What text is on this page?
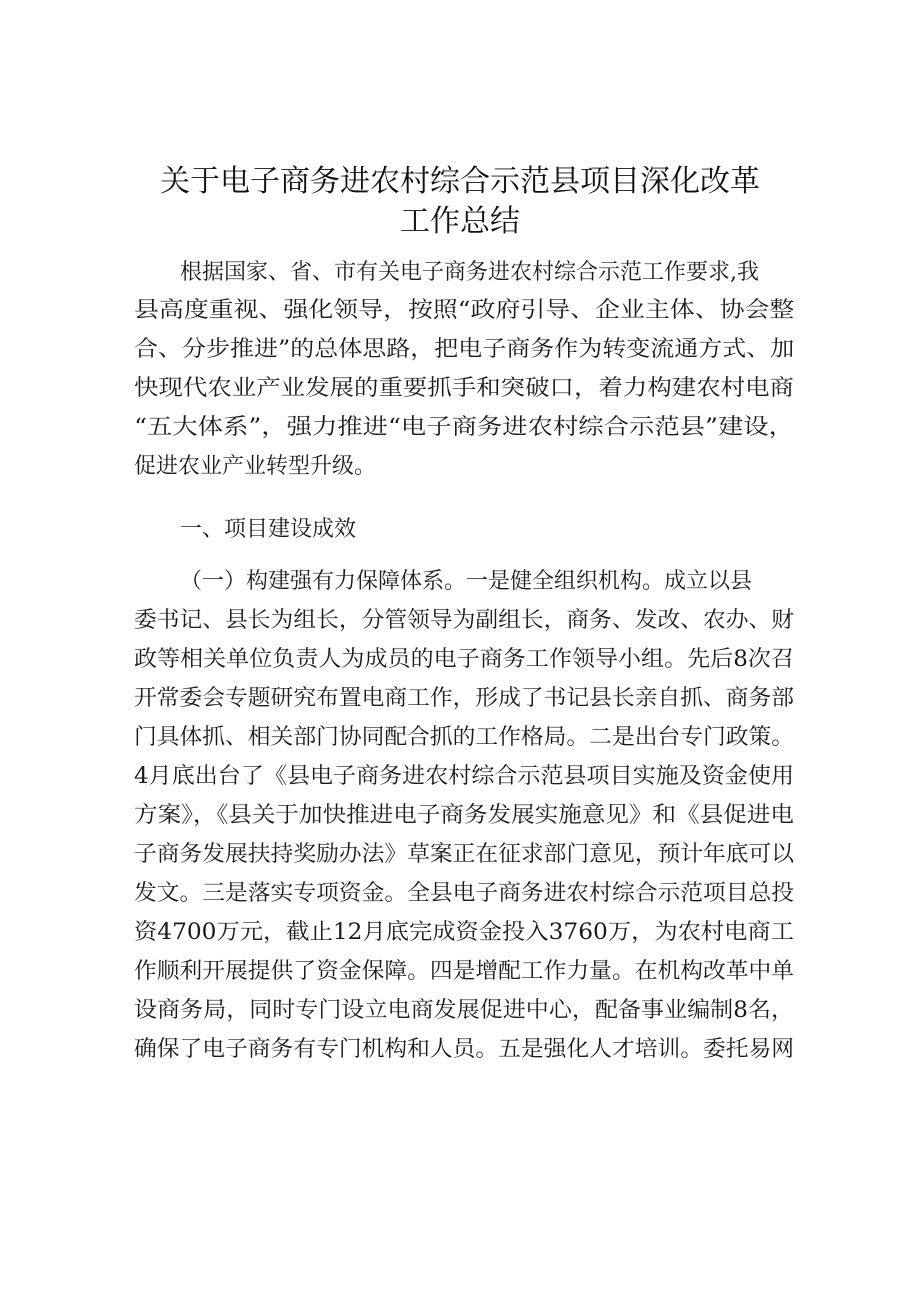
关于电子商务进农村综合示范县项目深化改革
工作总结
根据国家、省、市有关电子商务进农村综合示范工作要求,我
县高度重视、强化领导，按照“政府引导、企业主体、协会整
合、分步推进”的总体思路，把电子商务作为转变流通方式、加
快现代农业产业发展的重要抓手和突破口，着力构建农村电商
“五大体系”，强力推进“电子商务进农村综合示范县”建设，
促进农业产业转型升级。
一、项目建设成效
（一）构建强有力保障体系。一是健全组织机构。成立以县
委书记、县长为组长，分管领导为副组长，商务、发改、农办、财
政等相关单位负责人为成员的电子商务工作领导小组。先后8次召
开常委会专题研究布置电商工作，形成了书记县长亲自抓、商务部
门具体抓、相关部门协同配合抓的工作格局。二是出台专门政策。
4月底出台了《县电子商务进农村综合示范县项目实施及资金使用
方案》，《县关于加快推进电子商务发展实施意见》和《县促进电
子商务发展扶持奖励办法》草案正在征求部门意见，预计年底可以
发文。三是落实专项资金。全县电子商务进农村综合示范项目总投
资4700万元，截止12月底完成资金投入3760万，为农村电商工
作顺利开展提供了资金保障。四是增配工作力量。在机构改革中单
设商务局，同时专门设立电商发展促进中心，配备事业编制8名，
确保了电子商务有专门机构和人员。五是强化人才培训。委托易网
